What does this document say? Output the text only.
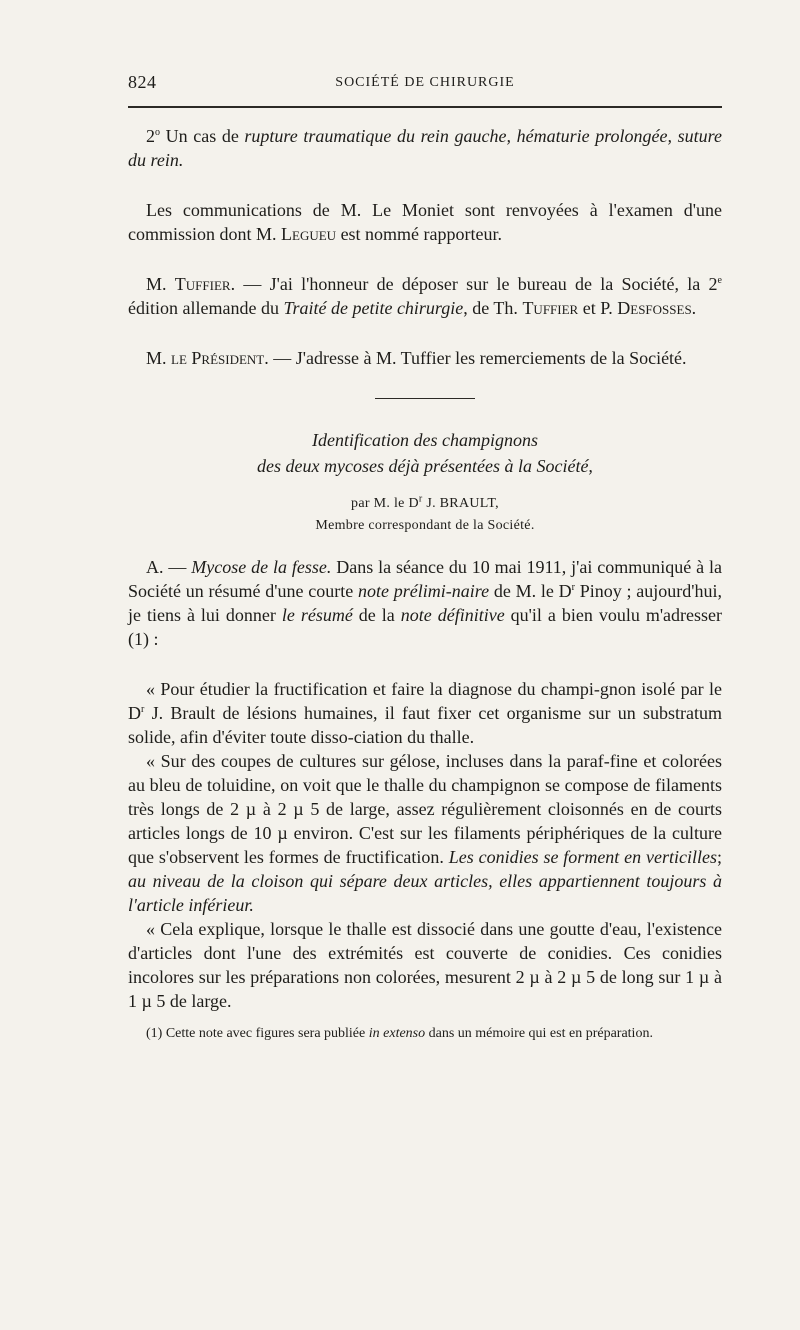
824	SOCIÉTÉ DE CHIRURGIE

2$^o$ Un cas de rupture traumatique du rein gauche, hématurie prolongée, suture du rein.

Les communications de M. Le Moniet sont renvoyées à l'examen d'une commission dont M. Legueu est nommé rapporteur.

M. Tuffier. — J'ai l'honneur de déposer sur le bureau de la Société, la 2e édition allemande du Traité de petite chirurgie, de Th. Tuffier et P. Desfosses.

M. le Président. — J'adresse à M. Tuffier les remerciements de la Société.

Identification des champignons
des deux mycoses déjà présentées à la Société,
par M. le $D^r$ J. BRAULT,
Membre correspondant de la Société.

A. — Mycose de la fesse. Dans la séance du 10 mai 1911, j'ai communiqué à la Société un résumé d'une courte note prélimi-naire de M. le $D^r$ Pinoy ; aujourd'hui, je tiens à lui donner le résumé de la note définitive qu'il a bien voulu m'adresser (1) :

« Pour étudier la fructification et faire la diagnose du champi-gnon isolé par le $D^r$ J. Brault de lésions humaines, il faut fixer cet organisme sur un substratum solide, afin d'éviter toute disso-ciation du thalle.

« Sur des coupes de cultures sur gélose, incluses dans la paraf-fine et colorées au bleu de toluidine, on voit que le thalle du champignon se compose de filaments très longs de 2 µ à 2 µ 5 de large, assez régulièrement cloisonnés en de courts articles longs de 10 µ environ. C'est sur les filaments périphériques de la culture que s'observent les formes de fructification. Les conidies se forment en verticilles; au niveau de la cloison qui sépare deux articles, elles appartiennent toujours à l'article inférieur.

« Cela explique, lorsque le thalle est dissocié dans une goutte d'eau, l'existence d'articles dont l'une des extrémités est couverte de conidies. Ces conidies incolores sur les préparations non colorées, mesurent 2 µ à 2 µ 5 de long sur 1 µ à 1 µ 5 de large.

(1) Cette note avec figures sera publiée in extenso dans un mémoire qui est en préparation.
